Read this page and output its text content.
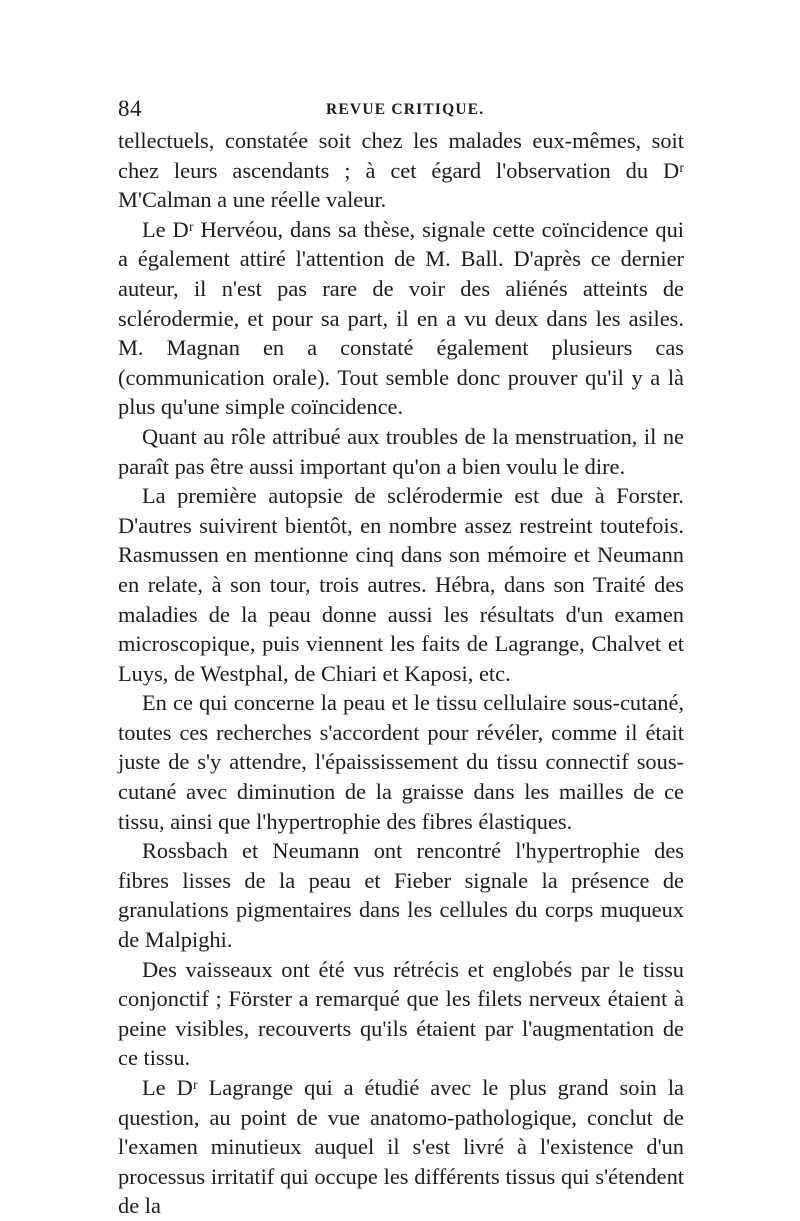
84	REVUE CRITIQUE.

tellectuels, constatée soit chez les malades eux-mêmes, soit chez leurs ascendants ; à cet égard l'observation du Dʳ M'Calman a une réelle valeur.

Le Dʳ Hervéou, dans sa thèse, signale cette coïncidence qui a également attiré l'attention de M. Ball. D'après ce dernier auteur, il n'est pas rare de voir des aliénés atteints de sclérodermie, et pour sa part, il en a vu deux dans les asiles. M. Magnan en a constaté également plusieurs cas (communication orale). Tout semble donc prouver qu'il y a là plus qu'une simple coïncidence.

Quant au rôle attribué aux troubles de la menstruation, il ne paraît pas être aussi important qu'on a bien voulu le dire.

La première autopsie de sclérodermie est due à Forster. D'autres suivirent bientôt, en nombre assez restreint toutefois. Rasmussen en mentionne cinq dans son mémoire et Neumann en relate, à son tour, trois autres. Hébra, dans son Traité des maladies de la peau donne aussi les résultats d'un examen microscopique, puis viennent les faits de Lagrange, Chalvet et Luys, de Westphal, de Chiari et Kaposi, etc.

En ce qui concerne la peau et le tissu cellulaire sous-cutané, toutes ces recherches s'accordent pour révéler, comme il était juste de s'y attendre, l'épaississement du tissu connectif sous-cutané avec diminution de la graisse dans les mailles de ce tissu, ainsi que l'hypertrophie des fibres élastiques.

Rossbach et Neumann ont rencontré l'hypertrophie des fibres lisses de la peau et Fieber signale la présence de granulations pigmentaires dans les cellules du corps muqueux de Malpighi.

Des vaisseaux ont été vus rétrécis et englobés par le tissu conjonctif ; Förster a remarqué que les filets nerveux étaient à peine visibles, recouverts qu'ils étaient par l'augmentation de ce tissu.

Le Dʳ Lagrange qui a étudié avec le plus grand soin la question, au point de vue anatomo-pathologique, conclut de l'examen minutieux auquel il s'est livré à l'existence d'un processus irritatif qui occupe les différents tissus qui s'étendent de la
